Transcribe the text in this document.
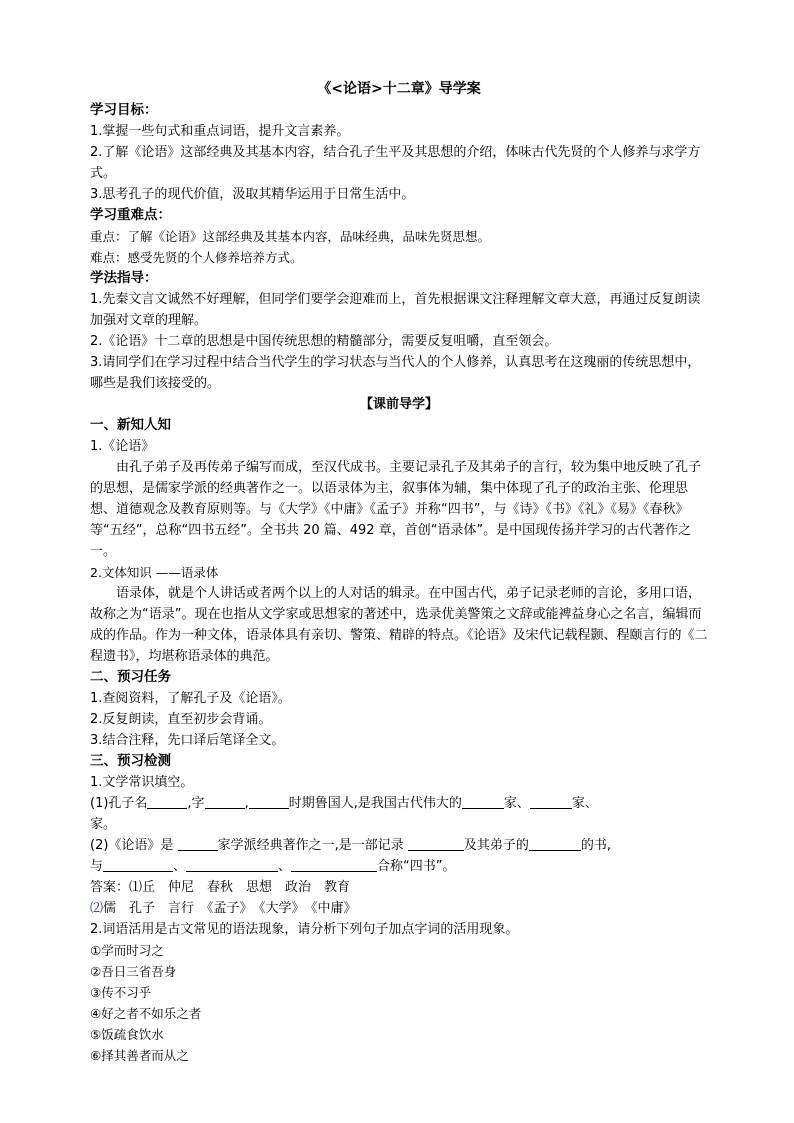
《<论语>十二章》导学案
学习目标：

1.掌握一些句式和重点词语，提升文言素养。

2.了解《论语》这部经典及其基本内容，结合孔子生平及其思想的介绍，体味古代先贤的个人修养与求学方式。

3.思考孔子的现代价值，汲取其精华运用于日常生活中。

学习重难点：

重点：了解《论语》这部经典及其基本内容，品味经典，品味先贤思想。

难点：感受先贤的个人修养培养方式。

学法指导：

1.先秦文言文诚然不好理解，但同学们要学会迎难而上，首先根据课文注释理解文章大意，再通过反复朗读加强对文章的理解。

2.《论语》十二章的思想是中国传统思想的精髓部分，需要反复咀嚼，直至领会。

3.请同学们在学习过程中结合当代学生的学习状态与当代人的个人修养，认真思考在这瑰丽的传统思想中，哪些是我们该接受的。

【课前导学】
一、新知人知

1.《论语》

由孔子弟子及再传弟子编写而成，至汉代成书。主要记录孔子及其弟子的言行，较为集中地反映了孔子的思想，是儒家学派的经典著作之一。以语录体为主，叙事体为辅，集中体现了孔子的政治主张、伦理思想、道德观念及教育原则等。与《大学》《中庸》《孟子》并称“四书”，与《诗》《书》《礼》《易》《春秋》等“五经”，总称“四书五经”。全书共 20 篇、492 章，首创“语录体”。是中国现传扬并学习的古代著作之一。

2.文体知识 ——语录体

语录体，就是个人讲话或者两个以上的人对话的辑录。在中国古代，弟子记录老师的言论，多用口语，故称之为“语录”。现在也指从文学家或思想家的著述中，选录优美警策之文辞或能裨益身心之名言，编辑而成的作品。作为一种文体，语录体具有亲切、警策、精辟的特点。《论语》及宋代记载程颢、程颐言行的《二程遗书》，均堪称语录体的典范。

二、预习任务

1.查阅资料，了解孔子及《论语》。

2.反复朗读，直至初步会背诵。

3.结合注释，先口译后笔译全文。

三、预习检测

1.文学常识填空。

(1)孔子名	,字	,	时期鲁国人,是我国古代伟大的	家、	家、
家。

(2)《论语》是	家学派经典著作之一,是一部记录	及其弟子的	的书,
与	、	、	合称“四书”。

答案：⑴丘　仲尼　春秋　思想　政治　教育

⑵儒　孔子　言行　《孟子》　《大学》　《中庸》

2.词语活用是古文常见的语法现象，请分析下列句子加点字词的活用现象。

①学而时习之

②吾日三省吾身

③传不习乎

④好之者不如乐之者

⑤饭疏食饮水

⑥择其善者而从之
